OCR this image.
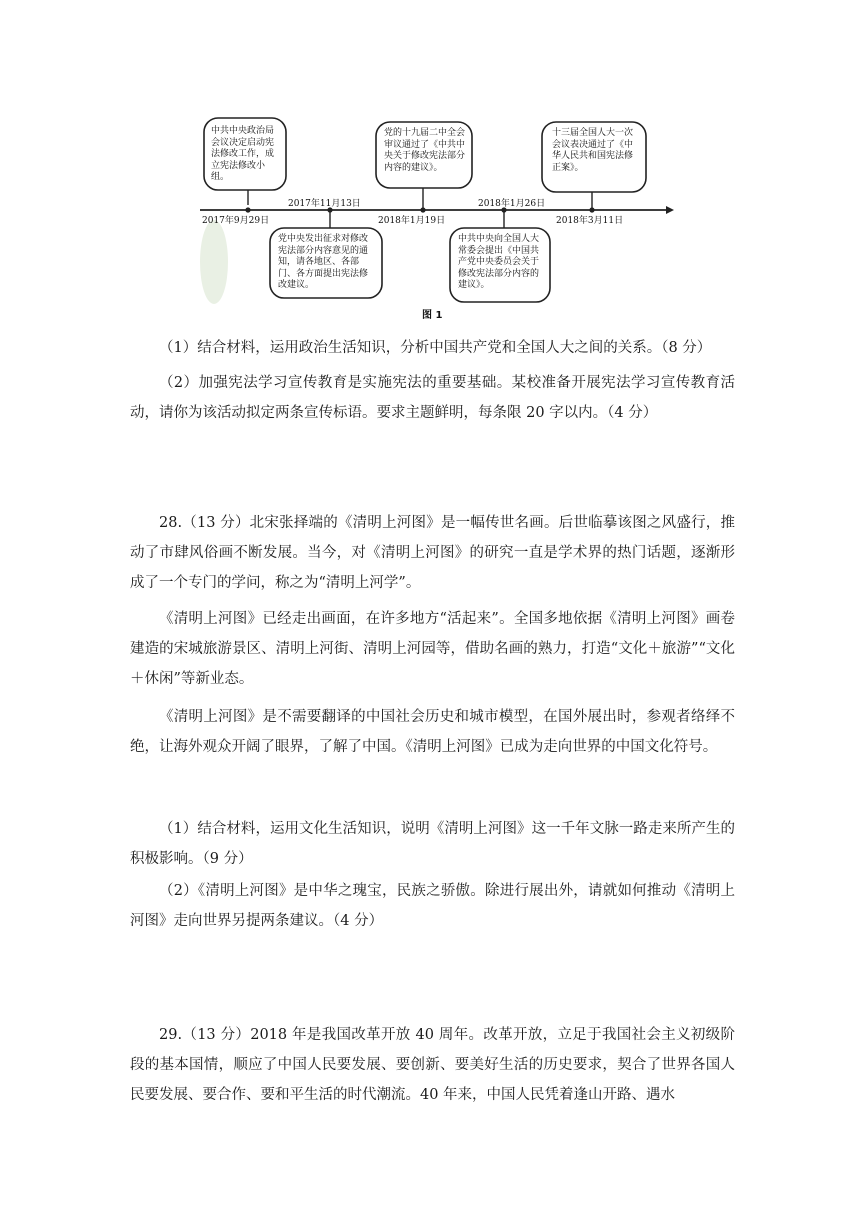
中共中央政治局会议决定启动宪法修改工作，成立宪法修改小组。
党的十九届二中全会审议通过了《中共中央关于修改宪法部分内容的建议》。
十三届全国人大一次会议表决通过了《中华人民共和国宪法修正案》。
党中央发出征求对修改宪法部分内容意见的通知，请各地区、各部门、各方面提出宪法修改建议。
中共中央向全国人大常委会提出《中国共产党中央委员会关于修改宪法部分内容的建议》。
2017年9月29日	2018年1月19日	2018年3月11日
2017年11月13日	2018年1月26日
图 1

（1）结合材料，运用政治生活知识，分析中国共产党和全国人大之间的关系。（8 分）

（2）加强宪法学习宣传教育是实施宪法的重要基础。某校准备开展宪法学习宣传教育活动，请你为该活动拟定两条宣传标语。要求主题鲜明，每条限 20 字以内。（4 分）

28.（13 分）北宋张择端的《清明上河图》是一幅传世名画。后世临摹该图之风盛行，推动了市肆风俗画不断发展。当今，对《清明上河图》的研究一直是学术界的热门话题，逐渐形成了一个专门的学问，称之为“清明上河学”。

《清明上河图》已经走出画面，在许多地方“活起来”。全国多地依据《清明上河图》画卷建造的宋城旅游景区、清明上河街、清明上河园等，借助名画的熟力，打造“文化＋旅游”“文化＋休闲”等新业态。

《清明上河图》是不需要翻译的中国社会历史和城市模型，在国外展出时，参观者络绎不绝，让海外观众开阔了眼界，了解了中国。《清明上河图》已成为走向世界的中国文化符号。

（1）结合材料，运用文化生活知识，说明《清明上河图》这一千年文脉一路走来所产生的积极影响。（9 分）

（2）《清明上河图》是中华之瑰宝，民族之骄傲。除进行展出外，请就如何推动《清明上河图》走向世界另提两条建议。（4 分）

29.（13 分）2018 年是我国改革开放 40 周年。改革开放，立足于我国社会主义初级阶段的基本国情，顺应了中国人民要发展、要创新、要美好生活的历史要求，契合了世界各国人民要发展、要合作、要和平生活的时代潮流。40 年来，中国人民凭着逢山开路、遇水
